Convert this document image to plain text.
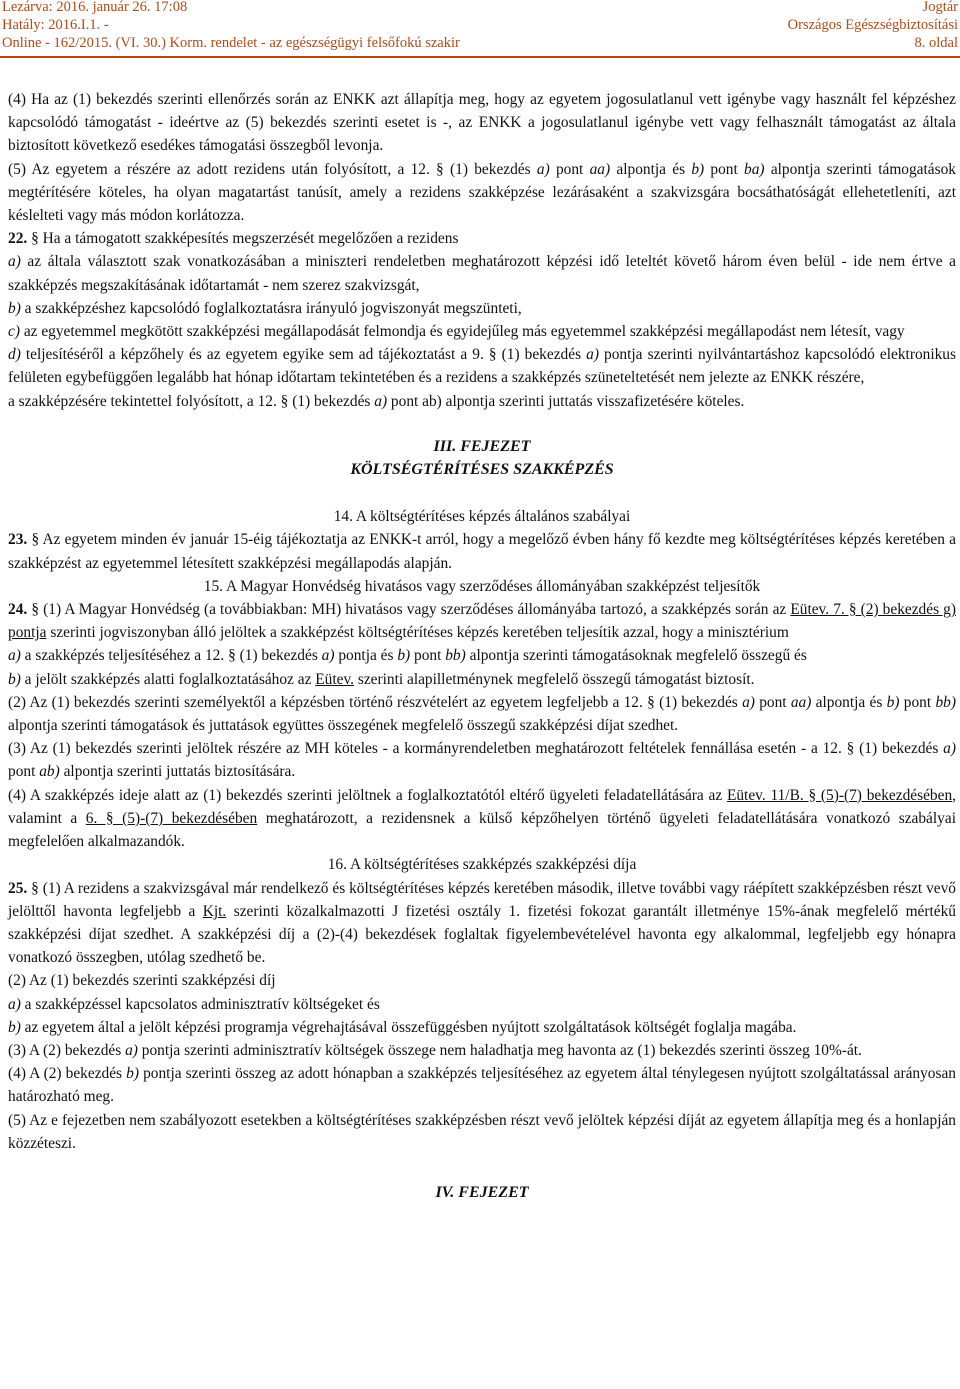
Lezárva: 2016. január 26. 17:08	Jogtár
Hatály: 2016.I.1. -	Országos Egészségbiztosítási
Online - 162/2015. (VI. 30.) Korm. rendelet - az egészségügyi felsőfokú szakir	8. oldal

(4) Ha az (1) bekezdés szerinti ellenőrzés során az ENKK azt állapítja meg, hogy az egyetem jogosulatlanul vett igénybe vagy használt fel képzéshez kapcsolódó támogatást - ideértve az (5) bekezdés szerinti esetet is -, az ENKK a jogosulatlanul igénybe vett vagy felhasznált támogatást az általa biztosított következő esedékes támogatási összegből levonja.

(5) Az egyetem a részére az adott rezidens után folyósított, a 12. § (1) bekezdés a) pont aa) alpontja és b) pont ba) alpontja szerinti támogatások megtérítésére köteles, ha olyan magatartást tanúsít, amely a rezidens szakképzése lezárásaként a szakvizsgára bocsáthatóságát ellehetetleníti, azt késlelteti vagy más módon korlátozza.

22. § Ha a támogatott szakképesítés megszerzését megelőzően a rezidens

a) az általa választott szak vonatkozásában a miniszteri rendeletben meghatározott képzési idő leteltét követő három éven belül - ide nem értve a szakképzés megszakításának időtartamát - nem szerez szakvizsgát,

b) a szakképzéshez kapcsolódó foglalkoztatásra irányuló jogviszonyát megszünteti,

c) az egyetemmel megkötött szakképzési megállapodását felmondja és egyidejűleg más egyetemmel szakképzési megállapodást nem létesít, vagy

d) teljesítéséről a képzőhely és az egyetem egyike sem ad tájékoztatást a 9. § (1) bekezdés a) pontja szerinti nyilvántartáshoz kapcsolódó elektronikus felületen egybefüggően legalább hat hónap időtartam tekintetében és a rezidens a szakképzés szüneteltetését nem jelezte az ENKK részére,

a szakképzésére tekintettel folyósított, a 12. § (1) bekezdés a) pont ab) alpontja szerinti juttatás visszafizetésére köteles.

III. FEJEZET

KÖLTSÉGTÉRÍTÉSES SZAKKÉPZÉS

14. A költségtérítéses képzés általános szabályai

23. § Az egyetem minden év január 15-éig tájékoztatja az ENKK-t arról, hogy a megelőző évben hány fő kezdte meg költségtérítéses képzés keretében a szakképzést az egyetemmel létesített szakképzési megállapodás alapján.

15. A Magyar Honvédség hivatásos vagy szerződéses állományában szakképzést teljesítők

24. § (1) A Magyar Honvédség (a továbbiakban: MH) hivatásos vagy szerződéses állományába tartozó, a szakképzés során az Eütev. 7. § (2) bekezdés g) pontja szerinti jogviszonyban álló jelöltek a szakképzést költségtérítéses képzés keretében teljesítik azzal, hogy a minisztérium

a) a szakképzés teljesítéséhez a 12. § (1) bekezdés a) pontja és b) pont bb) alpontja szerinti támogatásoknak megfelelő összegű és

b) a jelölt szakképzés alatti foglalkoztatásához az Eütev. szerinti alapilletménynek megfelelő összegű támogatást biztosít.

(2) Az (1) bekezdés szerinti személyektől a képzésben történő részvételért az egyetem legfeljebb a 12. § (1) bekezdés a) pont aa) alpontja és b) pont bb) alpontja szerinti támogatások és juttatások együttes összegének megfelelő összegű szakképzési díjat szedhet.

(3) Az (1) bekezdés szerinti jelöltek részére az MH köteles - a kormányrendeletben meghatározott feltételek fennállása esetén - a 12. § (1) bekezdés a) pont ab) alpontja szerinti juttatás biztosítására.

(4) A szakképzés ideje alatt az (1) bekezdés szerinti jelöltnek a foglalkoztatótól eltérő ügyeleti feladatellátására az Eütev. 11/B. § (5)-(7) bekezdésében, valamint a 6. § (5)-(7) bekezdésében meghatározott, a rezidensnek a külső képzőhelyen történő ügyeleti feladatellátására vonatkozó szabályai megfelelően alkalmazandók.

16. A költségtérítéses szakképzés szakképzési díja

25. § (1) A rezidens a szakvizsgával már rendelkező és költségtérítéses képzés keretében második, illetve további vagy ráépített szakképzésben részt vevő jelölttől havonta legfeljebb a Kjt. szerinti közalkalmazotti J fizetési osztály 1. fizetési fokozat garantált illetménye 15%-ának megfelelő mértékű szakképzési díjat szedhet. A szakképzési díj a (2)-(4) bekezdések foglaltak figyelembevételével havonta egy alkalommal, legfeljebb egy hónapra vonatkozó összegben, utólag szedhető be.

(2) Az (1) bekezdés szerinti szakképzési díj

a) a szakképzéssel kapcsolatos adminisztratív költségeket és

b) az egyetem által a jelölt képzési programja végrehajtásával összefüggésben nyújtott szolgáltatások költségét foglalja magába.

(3) A (2) bekezdés a) pontja szerinti adminisztratív költségek összege nem haladhatja meg havonta az (1) bekezdés szerinti összeg 10%-át.

(4) A (2) bekezdés b) pontja szerinti összeg az adott hónapban a szakképzés teljesítéséhez az egyetem által ténylegesen nyújtott szolgáltatással arányosan határozható meg.

(5) Az e fejezetben nem szabályozott esetekben a költségtérítéses szakképzésben részt vevő jelöltek képzési díját az egyetem állapítja meg és a honlapján közzéteszi.

IV. FEJEZET
